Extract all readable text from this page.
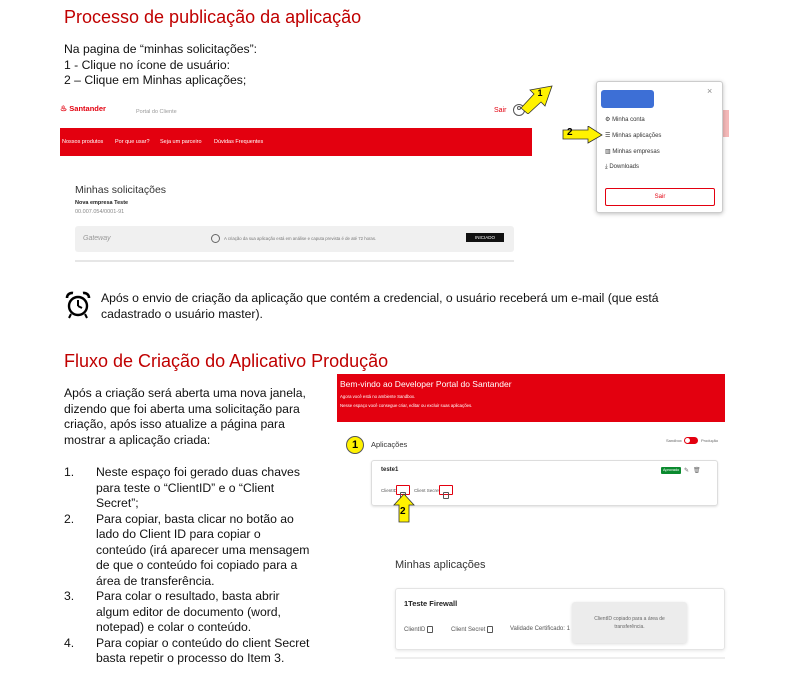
Processo de publicação da aplicação
Na pagina de “minhas solicitações”:
1 - Clique no ícone de usuário:
2 – Clique em Minhas aplicações;
♨ Santander	Portal do Cliente	Sair
Nossos produtos Por que usar? Seja um parceiro Dúvidas Frequentes
Minhas solicitações
Nova empresa Teste
00.007.054/0001-91
Gateway	A criação da sua aplicação está em análise e caputa prevista é de até 72 horas.	INICIADO
1	×
⚙ Minha conta
☰ Minhas aplicações
▥ Minhas empresas
⤓ Downloads
Sair
2
Após o envio de criação da aplicação que contém a credencial, o usuário receberá um e-mail (que está cadastrado o usuário master).
Fluxo de Criação do Aplicativo Produção
Após a criação será aberta uma nova janela, dizendo que foi aberta uma solicitação para criação, após isso atualize a página para mostrar a aplicação criada:
1.	Neste espaço foi gerado duas chaves para teste o “ClientID” e o “Client Secret”;
2.	Para copiar, basta clicar no botão ao lado do Client ID para copiar o conteúdo (irá aparecer uma mensagem de que o conteúdo foi copiado para a área de transferência.
3.	Para colar o resultado, basta abrir algum editor de documento (word, notepad) e colar o conteúdo.
4.	Para copiar o conteúdo do client Secret basta repetir o processo do Item 3.
Bem-vindo ao Developer Portal do Santander
Agora você está no ambiente Sandbox.
Nesse espaço você consegue criar, editar ou excluir suas aplicações.
1	Aplicações	Sandbox	Produção
teste1	Aprovado ✎ 🗑
ClientID	Client Secret
2
Minhas aplicações
1Teste Firewall
ClientID	Client Secret	Validade Certificado: 1
ClientID copiado para a área de transferência.
